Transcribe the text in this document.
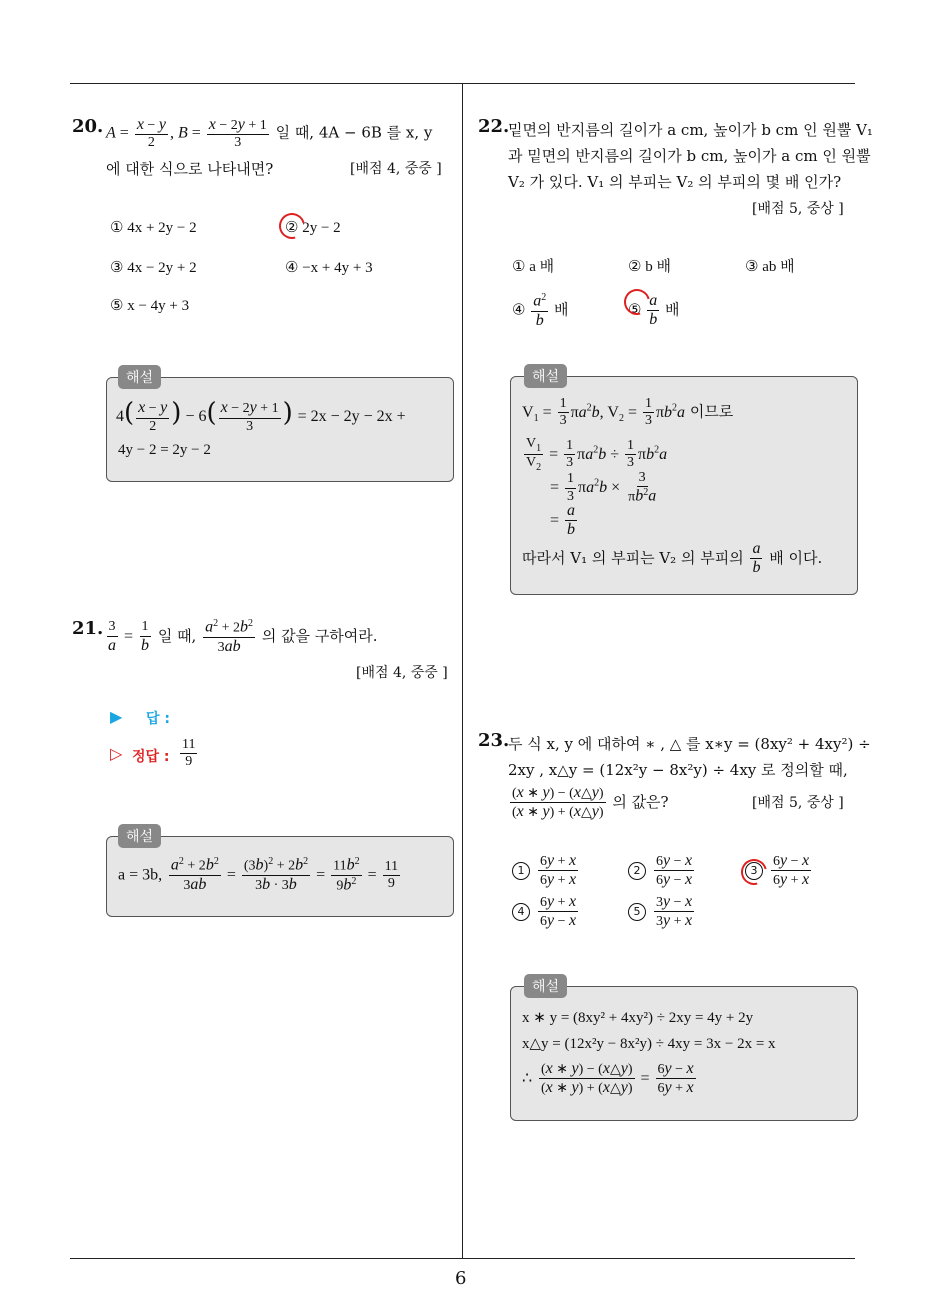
6
20. $A = \frac{x - y}{2}$ , $B = \frac{x - 2y + 1}{3}$ 일 때, 4A − 6B 를 x, y
에 대한 식으로 나타내면?	[배점 4, 중중 ]
① 4x + 2y − 2	② 2y − 2
③ 4x − 2y + 2	④ −x + 4y + 3
⑤ x − 4y + 3
해설
$4( \frac{x - y}{2}$ ) − $6( \frac{x - 2y + 1}{3}$ ) = 2x − 2y − 2x +
4y − 2 = 2y − 2
21. $\frac{3}{a} = \frac{1}{b}$ 일 때, $\frac{a^2 + 2b^2}{3ab}$ 의 값을 구하여라.
[배점 4, 중중 ]
▶ 답 :
▷ 정답 : $\frac{11}{9}$
해설
a = 3b, $\frac{a^2 + 2b^2}{3ab} = \frac{(3b)^2 + 2b^2}{3b \cdot 3b} = \frac{11b^2}{9b^2} = \frac{11}{9}$
22.
밑면의 반지름의 길이가 a cm, 높이가 b cm 인 원뿔 V₁
과 밑면의 반지름의 길이가 b cm, 높이가 a cm 인 원뿔
V₂ 가 있다. V₁ 의 부피는 V₂ 의 부피의 몇 배 인가?
[배점 5, 중상 ]
① a 배	② b 배	③ ab 배
④ $\frac{a^2}{b}$ 배	⑤ $\frac{a}{b}$ 배
해설
$V_1 = \frac{1}{3} \pi a^2b$, $V_2 = \frac{1}{3} \pi b^2a$ 이므로
$\frac{V_1}{V_2} = \frac{1}{3} \pi a^2b \div \frac{1}{3} \pi b^2a$
= $\frac{1}{3} \pi a^2b \times \frac{3}{\pi b^2a}$
= $\frac{a}{b}$
따라서 V₁ 의 부피는 V₂ 의 부피의 $\frac{a}{b}$ 배 이다.
23.
두 식 x, y 에 대하여 ∗ , △ 를 x∗y = (8xy² + 4xy²) ÷
2xy , x△y = (12x²y − 8x²y) ÷ 4xy 로 정의할 때,
$\frac{(x ∗ y) - (x\triangle y)}{(x ∗ y) + (x\triangle y)}$ 의 값은?	[배점 5, 중상 ]
$1 \frac{6y + x}{6y + x}$	$2 \frac{6y - x}{6y - x}$	$3 \frac{6y - x}{6y + x}$
$4 \frac{6y + x}{6y - x}$	$5 \frac{3y - x}{3y + x}$
해설
x ∗ y = (8xy² + 4xy²) ÷ 2xy = 4y + 2y
x△y = (12x²y − 8x²y) ÷ 4xy = 3x − 2x = x
∴ $\frac{(x ∗ y) - (x\triangle y)}{(x ∗ y) + (x\triangle y)} = \frac{6y - x}{6y + x}$
